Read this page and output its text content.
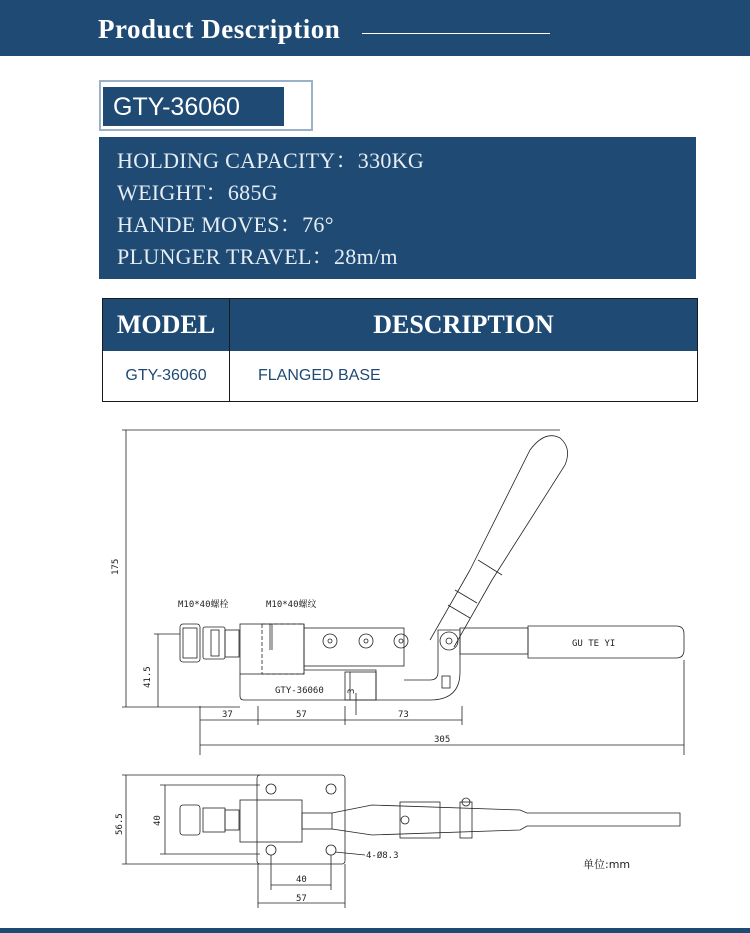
Product Description
GTY-36060
HOLDING CAPACITY：330KG
WEIGHT：685G
HANDE MOVES：76°
PLUNGER TRAVEL：28m/m
MODEL	DESCRIPTION
GTY-36060	FLANGED BASE
GTY-36060
GU TE YI
M10*40螺栓	M10*40螺纹
175
41.5
3
37	57	73
305
56.5	40
40
57
4-Ø8.3
单位:mm
